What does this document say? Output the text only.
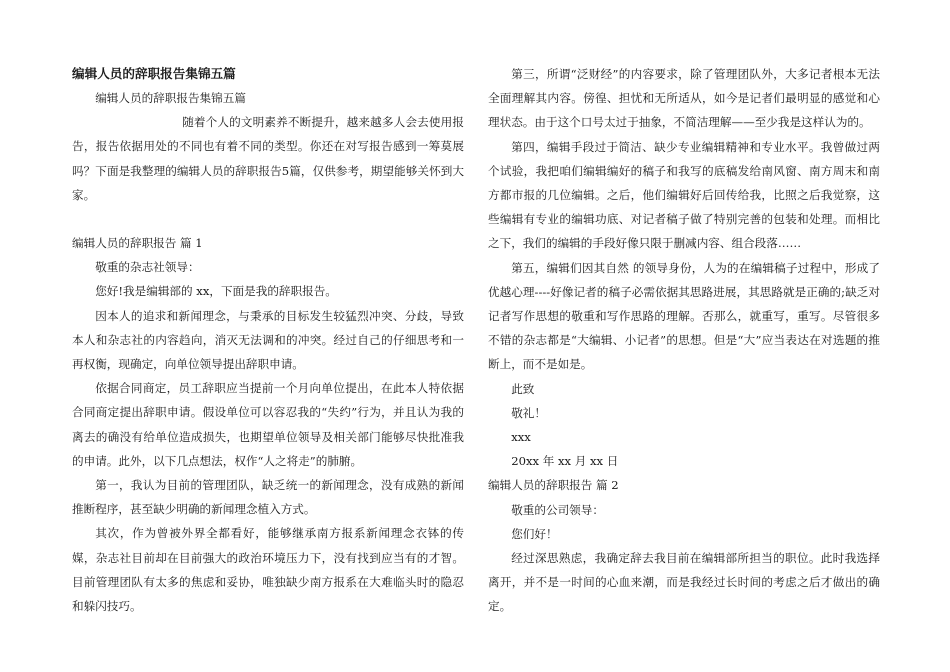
编辑人员的辞职报告集锦五篇

编辑人员的辞职报告集锦五篇

随着个人的文明素养不断提升，越来越多人会去使用报告，报告依据用处的不同也有着不同的类型。你还在对写报告感到一筹莫展吗？下面是我整理的编辑人员的辞职报告5篇，仅供参考，期望能够关怀到大家。

编辑人员的辞职报告 篇 1

敬重的杂志社领导：

您好!我是编辑部的 xx，下面是我的辞职报告。

因本人的追求和新闻理念，与秉承的目标发生较猛烈冲突、分歧，导致本人和杂志社的内容趋向，消灭无法调和的冲突。经过自己的仔细思考和一再权衡，现确定，向单位领导提出辞职申请。

依据合同商定，员工辞职应当提前一个月向单位提出，在此本人特依据合同商定提出辞职申请。假设单位可以容忍我的“失约”行为，并且认为我的离去的确没有给单位造成损失，也期望单位领导及相关部门能够尽快批准我的申请。此外，以下几点想法，权作“人之将走”的肺腑。

第一，我认为目前的管理团队，缺乏统一的新闻理念，没有成熟的新闻推断程序，甚至缺少明确的新闻理念植入方式。

其次，作为曾被外界全都看好，能够继承南方报系新闻理念衣钵的传媒，杂志社目前却在目前强大的政治环境压力下，没有找到应当有的才智。目前管理团队有太多的焦虑和妥协，唯独缺少南方报系在大难临头时的隐忍和躲闪技巧。

第三，所谓“泛财经”的内容要求，除了管理团队外，大多记者根本无法全面理解其内容。傍徨、担忧和无所适从，如今是记者们最明显的感觉和心理状态。由于这个口号太过于抽象，不简洁理解——至少我是这样认为的。

第四，编辑手段过于简洁、缺少专业编辑精神和专业水平。我曾做过两个试验，我把咱们编辑编好的稿子和我写的底稿发给南风窗、南方周末和南方都市报的几位编辑。之后，他们编辑好后回传给我，比照之后我觉察，这些编辑有专业的编辑功底、对记者稿子做了特别完善的包装和处理。而相比之下，我们的编辑的手段好像只限于删减内容、组合段落……

第五，编辑们因其自然 的领导身份，人为的在编辑稿子过程中，形成了优越心理----好像记者的稿子必需依据其思路进展，其思路就是正确的;缺乏对记者写作思想的敬重和写作思路的理解。否那么，就重写，重写。尽管很多不错的杂志都是“大编辑、小记者”的思想。但是“大”应当表达在对选题的推断上，而不是如是。

此致

敬礼！

xxx

20xx 年 xx 月 xx 日

编辑人员的辞职报告 篇 2

敬重的公司领导：

您们好！

经过深思熟虑，我确定辞去我目前在编辑部所担当的职位。此时我选择离开，并不是一时间的心血来潮，而是我经过长时间的考虑之后才做出的确定。
